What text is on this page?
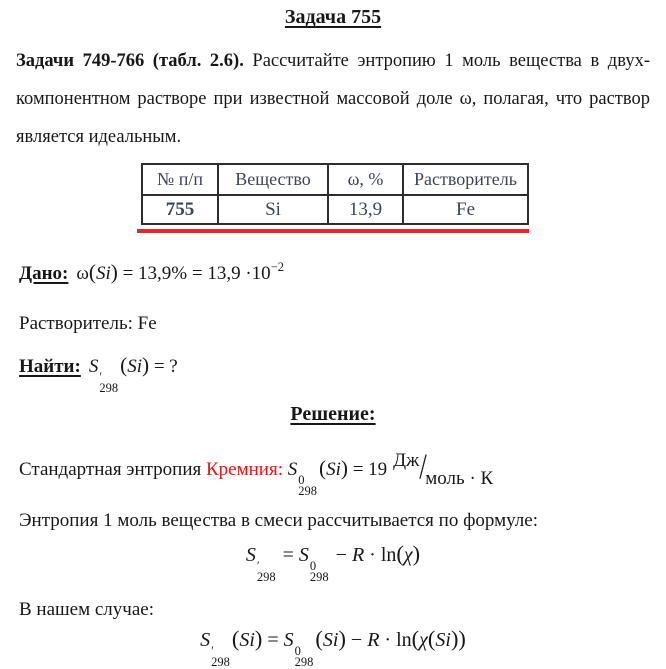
Задача 755
Задачи 749-766 (табл. 2.6). Рассчитайте энтропию 1 моль вещества в двух-
компонентном растворе при известной массовой доле ω, полагая, что раствор
является идеальным.
№ п/п	Вещество	ω, %	Растворитель
755	Si	13,9	Fe
Дано: $\omega(Si) = 13,9\% = 13,9 \cdot 10^{-2}$
Растворитель: Fe
Найти: S ′
298
(Si) = ?
Решение:
Стандартная энтропия Кремния: S 0
298
(Si) = 19 Дж/моль · К
Энтропия 1 моль вещества в смеси рассчитывается по формуле:
S ′
298
= S 0
298
− R · ln(χ)
В нашем случае:
S ′
298
(Si) = S 0
298
(Si) − R · ln(χ(Si))
